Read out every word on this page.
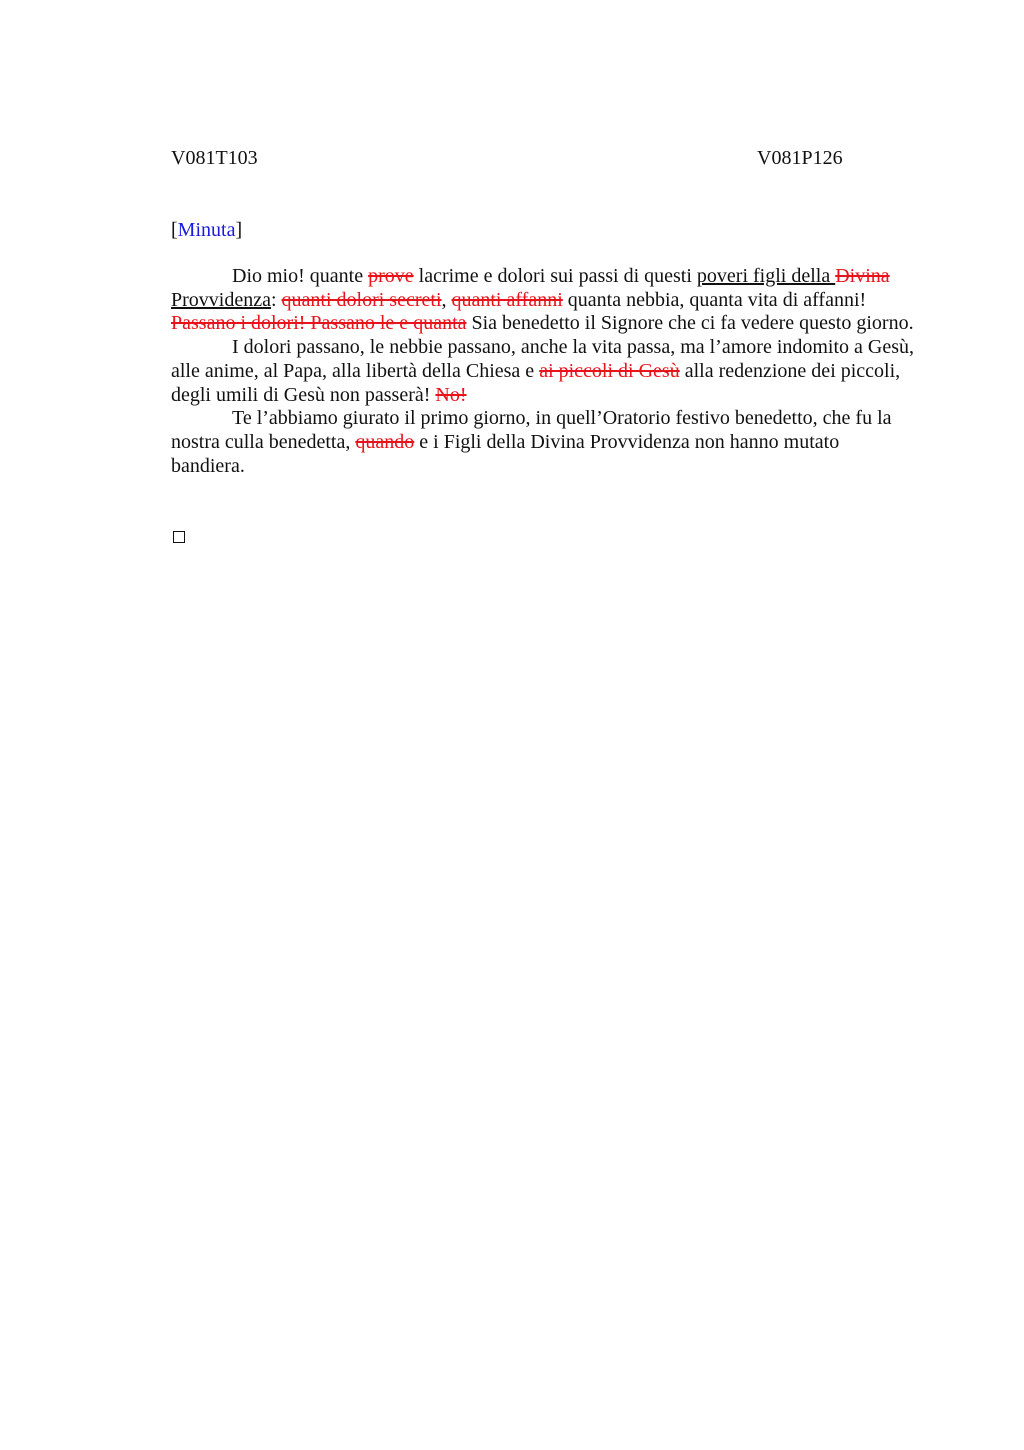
V081T103	V081P126
[Minuta]

Dio mio! quante prove lacrime e dolori sui passi di questi poveri figli della Divina Provvidenza: quanti dolori secreti, quanti affanni quanta nebbia, quanta vita di affanni! Passano i dolori! Passano le e quanta Sia benedetto il Signore che ci fa vedere questo giorno.

I dolori passano, le nebbie passano, anche la vita passa, ma l’amore indomito a Gesù, alle anime, al Papa, alla libertà della Chiesa e ai piccoli di Gesù alla redenzione dei piccoli, degli umili di Gesù non passerà! No!

Te l’abbiamo giurato il primo giorno, in quell’Oratorio festivo benedetto, che fu la nostra culla benedetta, quando e i Figli della Divina Provvidenza non hanno mutato bandiera.
